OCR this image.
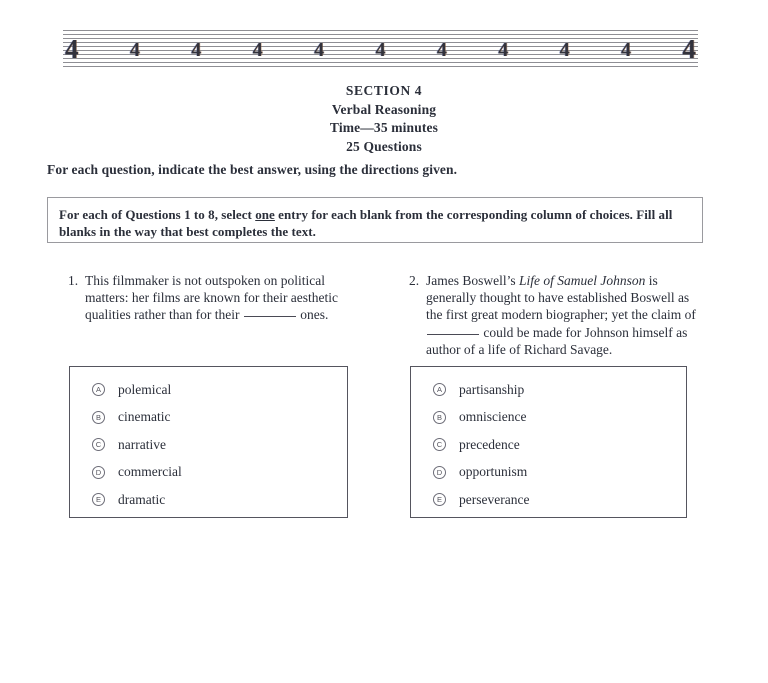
4	4	4	4	4	4	4	4	4	4 4
SECTION 4
Verbal Reasoning
Time—35 minutes
25 Questions
For each question, indicate the best answer, using the directions given.

For each of Questions 1 to 8, select one entry for each blank from the corresponding column of choices. Fill all blanks in the way that best completes the text.

1. This filmmaker is not outspoken on political matters: her films are known for their aesthetic qualities rather than for their	ones.
2. James Boswell’s Life of Samuel Johnson is generally thought to have established Boswell as the first great modern biographer; yet the claim of  could be made for Johnson himself as author of a life of Richard Savage.
A polemical
B cinematic
C narrative
D commercial
E dramatic
A partisanship
B omniscience
C precedence
D opportunism
E perseverance
